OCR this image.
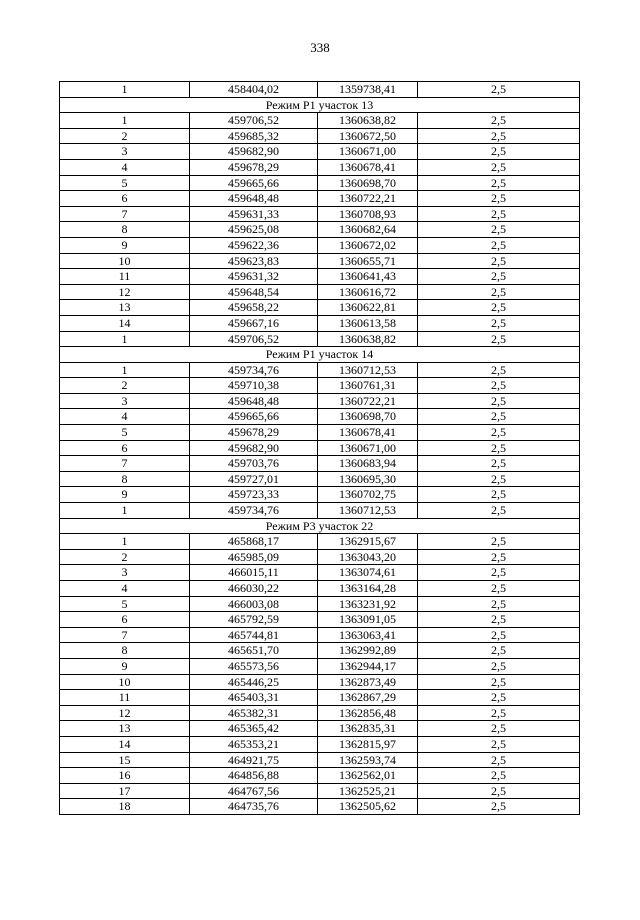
338
1	458404,02	1359738,41	2,5
Режим Р1 участок 13			
1	459706,52	1360638,82	2,5
2	459685,32	1360672,50	2,5
3	459682,90	1360671,00	2,5
4	459678,29	1360678,41	2,5
5	459665,66	1360698,70	2,5
6	459648,48	1360722,21	2,5
7	459631,33	1360708,93	2,5
8	459625,08	1360682,64	2,5
9	459622,36	1360672,02	2,5
10	459623,83	1360655,71	2,5
11	459631,32	1360641,43	2,5
12	459648,54	1360616,72	2,5
13	459658,22	1360622,81	2,5
14	459667,16	1360613,58	2,5
1	459706,52	1360638,82	2,5
Режим Р1 участок 14			
1	459734,76	1360712,53	2,5
2	459710,38	1360761,31	2,5
3	459648,48	1360722,21	2,5
4	459665,66	1360698,70	2,5
5	459678,29	1360678,41	2,5
6	459682,90	1360671,00	2,5
7	459703,76	1360683,94	2,5
8	459727,01	1360695,30	2,5
9	459723,33	1360702,75	2,5
1	459734,76	1360712,53	2,5
Режим Р3 участок 22			
1	465868,17	1362915,67	2,5
2	465985,09	1363043,20	2,5
3	466015,11	1363074,61	2,5
4	466030,22	1363164,28	2,5
5	466003,08	1363231,92	2,5
6	465792,59	1363091,05	2,5
7	465744,81	1363063,41	2,5
8	465651,70	1362992,89	2,5
9	465573,56	1362944,17	2,5
10	465446,25	1362873,49	2,5
11	465403,31	1362867,29	2,5
12	465382,31	1362856,48	2,5
13	465365,42	1362835,31	2,5
14	465353,21	1362815,97	2,5
15	464921,75	1362593,74	2,5
16	464856,88	1362562,01	2,5
17	464767,56	1362525,21	2,5
18	464735,76	1362505,62	2,5
